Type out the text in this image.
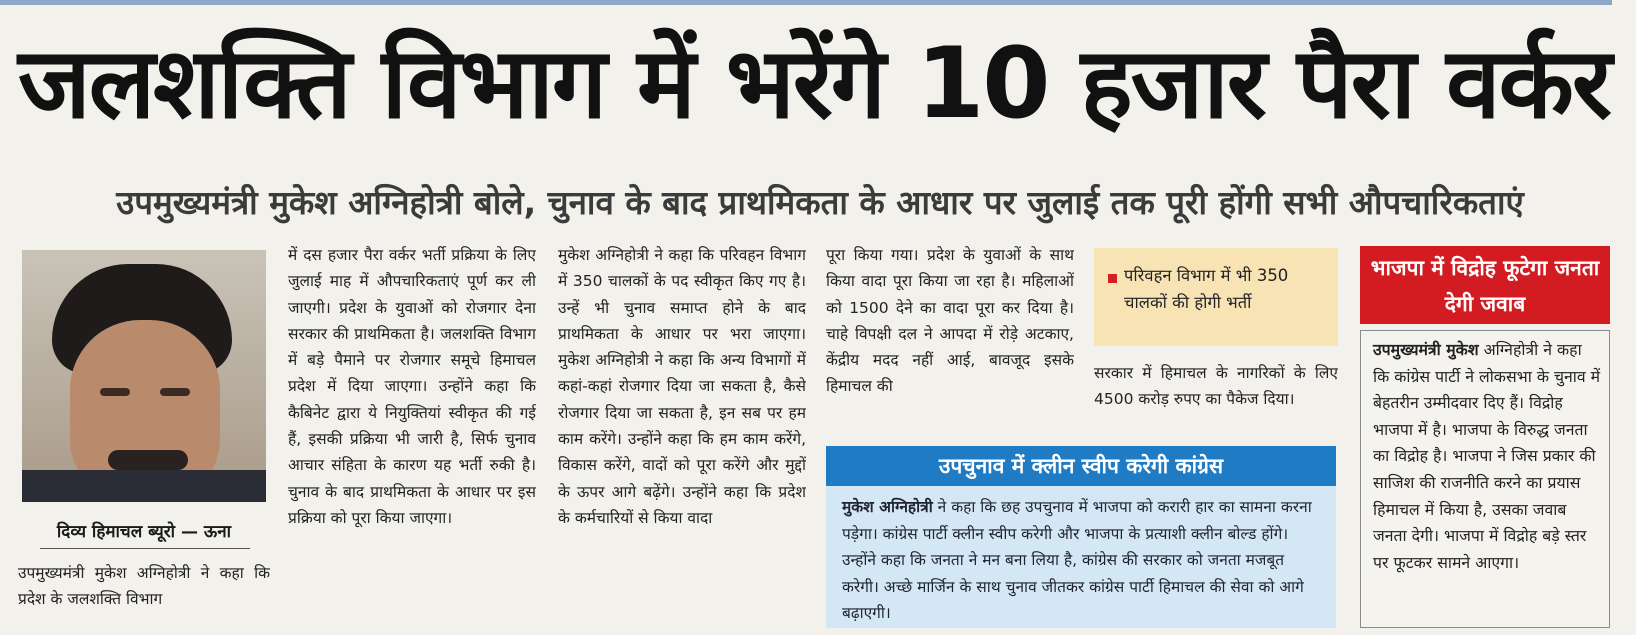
जलशक्ति विभाग में भरेंगे 10 हजार पैरा वर्कर
उपमुख्यमंत्री मुकेश अग्निहोत्री बोले, चुनाव के बाद प्राथमिकता के आधार पर जुलाई तक पूरी होंगी सभी औपचारिकताएं
दिव्य हिमाचल ब्यूरो — ऊना
उपमुख्यमंत्री मुकेश अग्निहोत्री ने कहा कि प्रदेश के जलशक्ति विभाग
में दस हजार पैरा वर्कर भर्ती प्रक्रिया के लिए जुलाई माह में औपचारिकताएं पूर्ण कर ली जाएगी। प्रदेश के युवाओं को रोजगार देना सरकार की प्राथमिकता है। जलशक्ति विभाग में बड़े पैमाने पर रोजगार समूचे हिमाचल प्रदेश में दिया जाएगा। उन्होंने कहा कि कैबिनेट द्वारा ये नियुक्तियां स्वीकृत की गई हैं, इसकी प्रक्रिया भी जारी है, सिर्फ चुनाव आचार संहिता के कारण यह भर्ती रुकी है। चुनाव के बाद प्राथमिकता के आधार पर इस प्रक्रिया को पूरा किया जाएगा।
मुकेश अग्निहोत्री ने कहा कि परिवहन विभाग में 350 चालकों के पद स्वीकृत किए गए है। उन्हें भी चुनाव समाप्त होने के बाद प्राथमिकता के आधार पर भरा जाएगा। मुकेश अग्निहोत्री ने कहा कि अन्य विभागों में कहां-कहां रोजगार दिया जा सकता है, कैसे रोजगार दिया जा सकता है, इन सब पर हम काम करेंगे। उन्होंने कहा कि हम काम करेंगे, विकास करेंगे, वादों को पूरा करेंगे और मुद्दों के ऊपर आगे बढ़ेंगे। उन्होंने कहा कि प्रदेश के कर्मचारियों से किया वादा
पूरा किया गया। प्रदेश के युवाओं के साथ किया वादा पूरा किया जा रहा है। महिलाओं को 1500 देने का वादा पूरा कर दिया है। चाहे विपक्षी दल ने आपदा में रोड़े अटकाए, केंद्रीय मदद नहीं आई, बावजूद इसके हिमाचल की
परिवहन विभाग में भी 350 चालकों की होगी भर्ती
सरकार में हिमाचल के नागरिकों के लिए 4500 करोड़ रुपए का पैकेज दिया।
उपचुनाव में क्लीन स्वीप करेगी कांग्रेस
मुकेश अग्निहोत्री ने कहा कि छह उपचुनाव में भाजपा को करारी हार का सामना करना पड़ेगा। कांग्रेस पार्टी क्लीन स्वीप करेगी और भाजपा के प्रत्याशी क्लीन बोल्ड होंगे। उन्होंने कहा कि जनता ने मन बना लिया है, कांग्रेस की सरकार को जनता मजबूत करेगी। अच्छे मार्जिन के साथ चुनाव जीतकर कांग्रेस पार्टी हिमाचल की सेवा को आगे बढ़ाएगी।
भाजपा में विद्रोह फूटेगा जनता देगी जवाब
उपमुख्यमंत्री मुकेश अग्निहोत्री ने कहा कि कांग्रेस पार्टी ने लोकसभा के चुनाव में बेहतरीन उम्मीदवार दिए हैं। विद्रोह भाजपा में है। भाजपा के विरुद्ध जनता का विद्रोह है। भाजपा ने जिस प्रकार की साजिश की राजनीति करने का प्रयास हिमाचल में किया है, उसका जवाब जनता देगी। भाजपा में विद्रोह बड़े स्तर पर फूटकर सामने आएगा।
